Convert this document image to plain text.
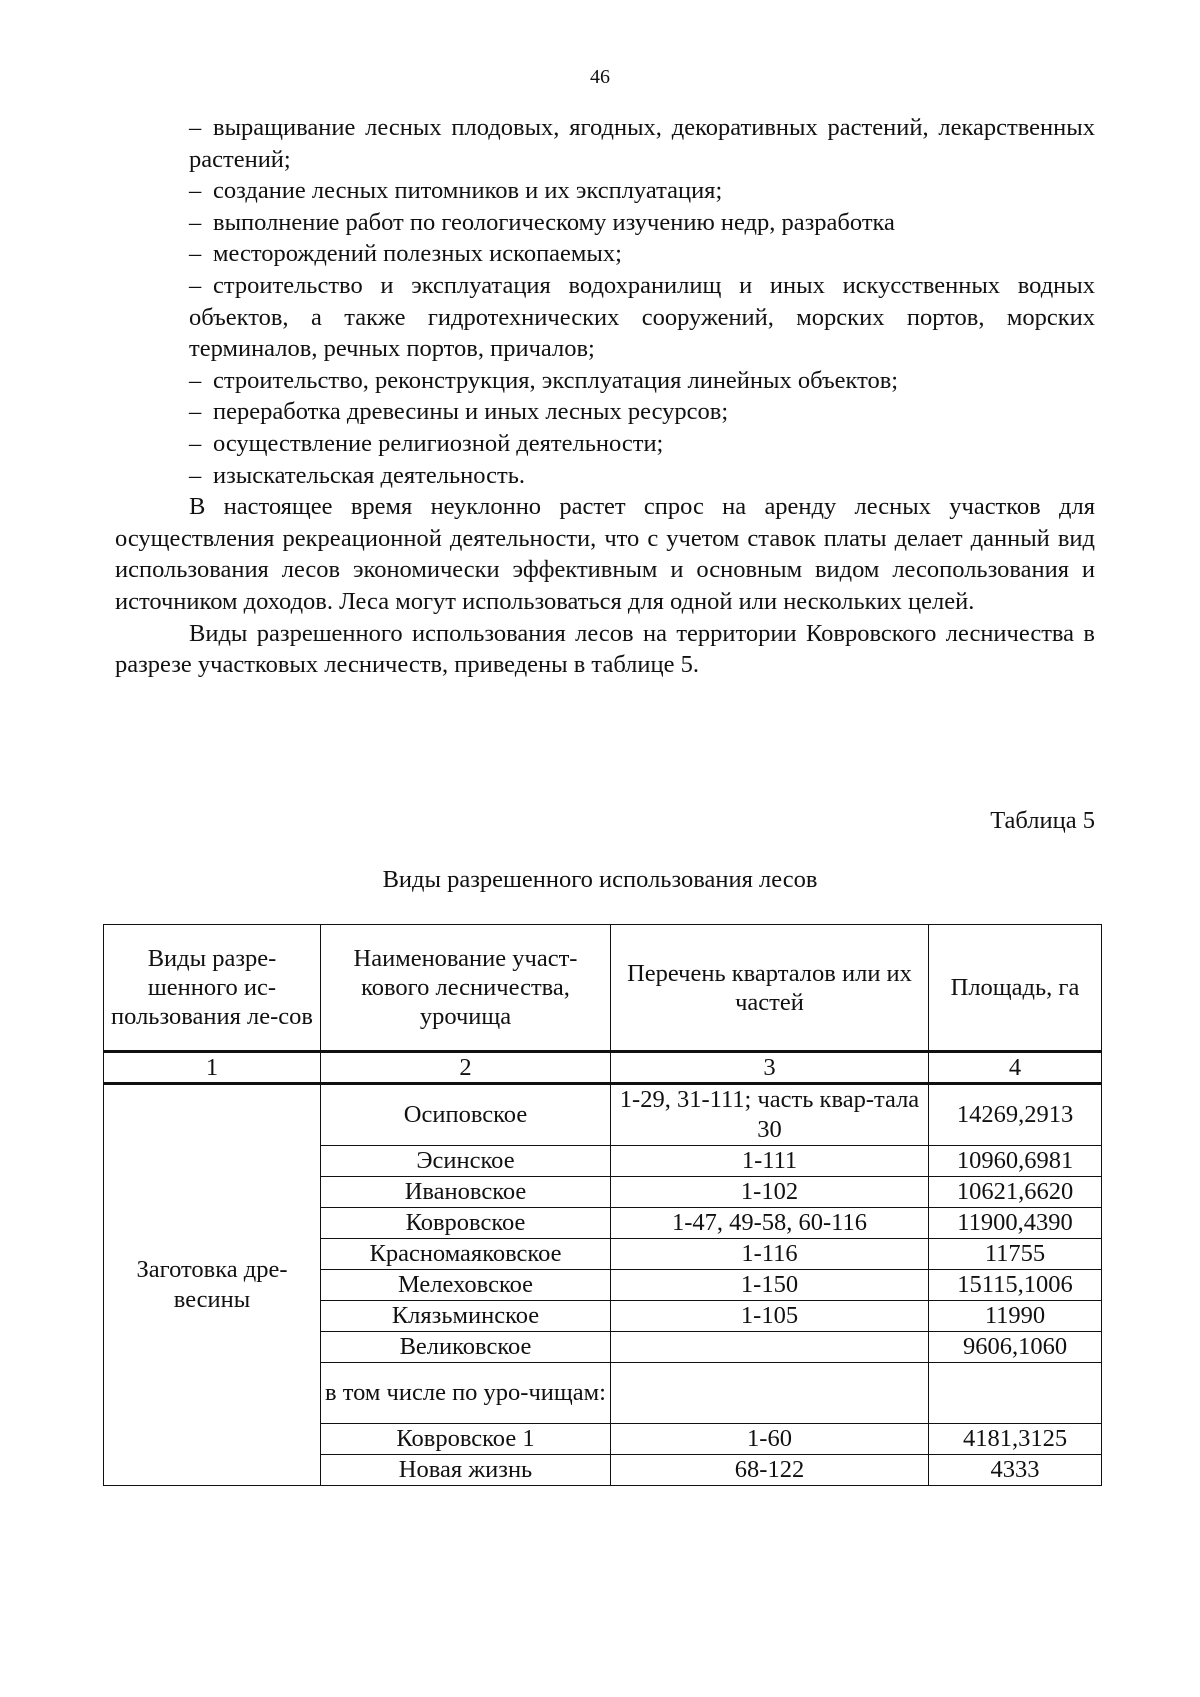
46

– выращивание лесных плодовых, ягодных, декоративных растений, лекарственных растений;

– создание лесных питомников и их эксплуатация;

– выполнение работ по геологическому изучению недр, разработка

– месторождений полезных ископаемых;

– строительство и эксплуатация водохранилищ и иных искусственных водных объектов, а также гидротехнических сооружений, морских портов, морских терминалов, речных портов, причалов;

– строительство, реконструкция, эксплуатация линейных объектов;

– переработка древесины и иных лесных ресурсов;

– осуществление религиозной деятельности;

– изыскательская деятельность.

В настоящее время неуклонно растет спрос на аренду лесных участков для осуществления рекреационной деятельности, что с учетом ставок платы делает данный вид использования лесов экономически эффективным и основным видом лесопользования и источником доходов. Леса могут использоваться для одной или нескольких целей.

Виды разрешенного использования лесов на территории Ковровского лесничества в разрезе участковых лесничеств, приведены в таблице 5.

Таблица 5
Виды разрешенного использования лесов
Виды разре-шенного ис-пользования ле-сов	Наименование участ-кового лесничества, урочища	Перечень кварталов или их частей	Площадь, га
1	2	3	4
Заготовка дре-весины	Осиповское	1-29, 31-111; часть квар-тала 30	14269,2913
	Эсинское	1-111	10960,6981
	Ивановское	1-102	10621,6620
	Ковровское	1-47, 49-58, 60-116	11900,4390
	Красномаяковское	1-116	11755
	Мелеховское	1-150	15115,1006
	Клязьминское	1-105	11990
	Великовское		9606,1060
	в том числе по уро-чищам:		
	Ковровское 1	1-60	4181,3125
	Новая жизнь	68-122	4333
